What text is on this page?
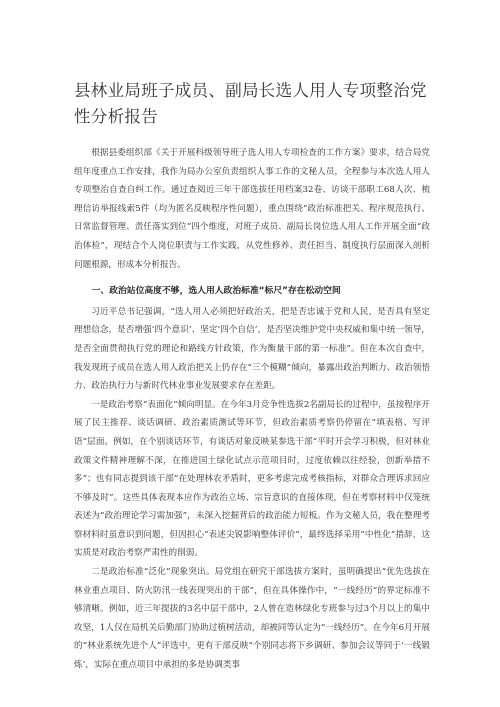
县林业局班子成员、副局长选人用人专项整治党性分析报告

根据县委组织部《关于开展科级领导班子选人用人专项检查的工作方案》要求，结合局党组年度重点工作安排，我作为局办公室负责组织人事工作的文秘人员，全程参与本次选人用人专项整治自查自纠工作。通过查阅近三年干部选拔任用档案32卷、访谈干部职工68人次、梳理信访举报线索5件（均为匿名反映程序性问题），重点围绕“政治标准把关、程序规范执行、日常监督管理、责任落实到位”四个维度，对班子成员、副局长岗位选人用人工作开展全面“政治体检”，现结合个人岗位职责与工作实践，从党性修养、责任担当、制度执行层面深入剖析问题根源，形成本分析报告。

一、政治站位高度不够，选人用人政治标准“标尺”存在松动空间

习近平总书记强调，“选人用人必须把好政治关，把是否忠诚于党和人民，是否具有坚定理想信念，是否增强‘四个意识’、坚定‘四个自信’，是否坚决维护党中央权威和集中统一领导，是否全面贯彻执行党的理论和路线方针政策，作为衡量干部的第一标准”。但在本次自查中，我发现班子成员在选人用人政治把关上仍存在“三个模糊”倾向，暴露出政治判断力、政治领悟力、政治执行力与新时代林业事业发展要求存在差距。

一是政治考察“表面化”倾向明显。在今年3月竞争性选拔2名副局长的过程中，虽按程序开展了民主推荐、谈话调研、政治素质测试等环节，但政治素质考察仍停留在“填表格、写评语”层面。例如，在个别谈话环节，有谈话对象反映某参选干部“平时开会学习积极，但对林业政策文件精神理解不深，在推进国土绿化试点示范项目时，过度依赖以往经验，创新举措不多”；也有同志提到该干部“在处理林农矛盾时，更多考虑完成考核指标，对群众合理诉求回应不够及时”。这些具体表现本应作为政治立场、宗旨意识的直接体现，但在考察材料中仅笼统表述为“政治理论学习需加强”，未深入挖掘背后的政治能力短板。作为文秘人员，我在整理考察材料时虽意识到问题，但因担心“表述尖锐影响整体评价”，最终选择采用“中性化”措辞，这实质是对政治考察严肃性的削弱。

二是政治标准“泛化”现象突出。局党组在研究干部选拔方案时，虽明确提出“优先选拔在林业重点项目、防火防汛一线表现突出的干部”，但在具体操作中，“一线经历”的界定标准不够清晰。例如，近三年提拔的3名中层干部中，2人曾在造林绿化专班参与过3个月以上的集中攻坚，1人仅在局机关后勤部门协助过植树活动，却被同等认定为“一线经历”。在今年6月开展的“林业系统先进个人”评选中，更有干部反映“个别同志将下乡调研、参加会议等同于‘一线锻炼’，实际在重点项目中承担的多是协调类事
